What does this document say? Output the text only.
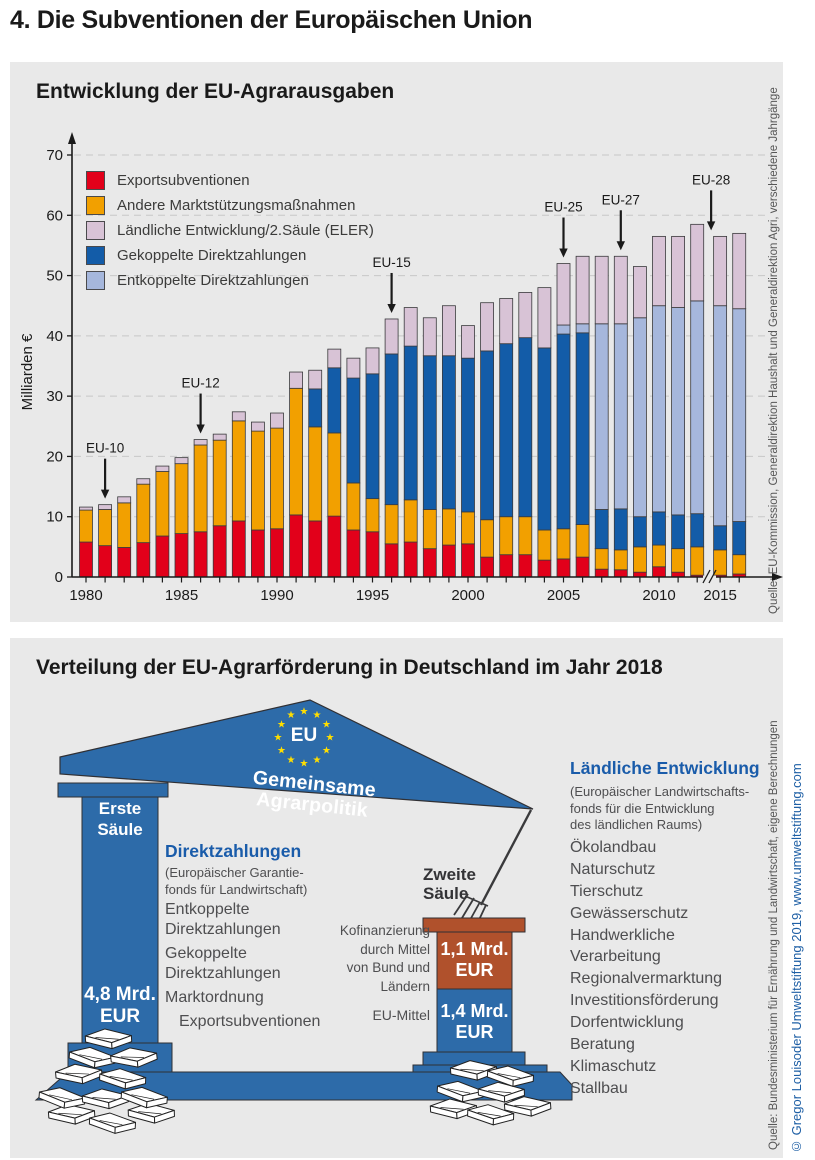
4. Die Subventionen der Europäischen Union
Entwicklung der EU-Agrarausgaben
0
10
20
30
40
50
60
70
1980	1985	1990	1995	2000	2005	2010 2015
Milliarden €
EU-10
EU-12
EU-15
EU-25 EU-27
EU-28
Exportsubventionen
Andere Marktstützungsmaßnahmen
Ländliche Entwicklung/2.Säule (ELER)
Gekoppelte Direktzahlungen
Entkoppelte Direktzahlungen	Quelle: EU-Kommission, Generaldirektion Haushalt und Generaldirektion Agri, verschiedene Jahrgänge
Verteilung der EU-Agrarförderung in Deutschland im Jahr 2018
★ ★
★
★
★
★
★
★
★
★
★
★
EU
Gemeinsame Agrarpolitik
Erste Säule
4,8 Mrd. EUR
Direktzahlungen
(Europäischer Garantie-
fonds für Landwirtschaft)
Entkoppelte Direktzahlungen
Gekoppelte Direktzahlungen
Marktordnung
Exportsubventionen
Zweite Säule
Kofinanzierung
durch Mittel
von Bund und
Ländern
EU-Mittel
1,1 Mrd. EUR
1,4 Mrd. EUR
Ländliche Entwicklung
(Europäischer Landwirtschafts-
fonds für die Entwicklung
des ländlichen Raums)
Ökolandbau
Naturschutz
Tierschutz
Gewässerschutz
Handwerkliche Verarbeitung
Regionalvermarktung
Investitionsförderung
Dorfentwicklung
Beratung
Klimaschutz
Stallbau	Quelle: Bundesministerium für Ernährung und Landwirtschaft, eigene Berechnungen © Gregor Louisoder Umweltstiftung 2019, www.umweltstiftung.com
